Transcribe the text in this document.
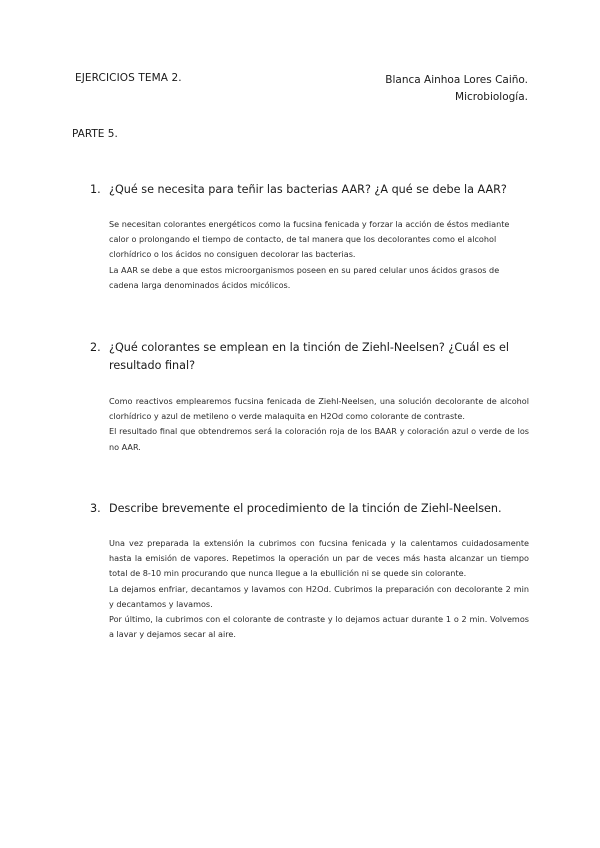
EJERCICIOS TEMA 2.	Blanca Ainhoa Lores Caiño.
Microbiología.
PARTE 5.
1. ¿Qué se necesita para teñir las bacterias AAR? ¿A qué se debe la AAR?

Se necesitan colorantes energéticos como la fucsina fenicada y forzar la acción de éstos mediante calor o prolongando el tiempo de contacto, de tal manera que los decolorantes como el alcohol clorhídrico o los ácidos no consiguen decolorar las bacterias.

La AAR se debe a que estos microorganismos poseen en su pared celular unos ácidos grasos de cadena larga denominados ácidos micólicos.

2. ¿Qué colorantes se emplean en la tinción de Ziehl-Neelsen? ¿Cuál es el resultado final?

Como reactivos emplearemos fucsina fenicada de Ziehl-Neelsen, una solución decolorante de alcohol clorhídrico y azul de metileno o verde malaquita en H2Od como colorante de contraste.

El resultado final que obtendremos será la coloración roja de los BAAR y coloración azul o verde de los no AAR.

3. Describe brevemente el procedimiento de la tinción de Ziehl-Neelsen.

Una vez preparada la extensión la cubrimos con fucsina fenicada y la calentamos cuidadosamente hasta la emisión de vapores. Repetimos la operación un par de veces más hasta alcanzar un tiempo total de 8-10 min procurando que nunca llegue a la ebullición ni se quede sin colorante.

La dejamos enfriar, decantamos y lavamos con H2Od. Cubrimos la preparación con decolorante 2 min y decantamos y lavamos.

Por último, la cubrimos con el colorante de contraste y lo dejamos actuar durante 1 o 2 min. Volvemos a lavar y dejamos secar al aire.
